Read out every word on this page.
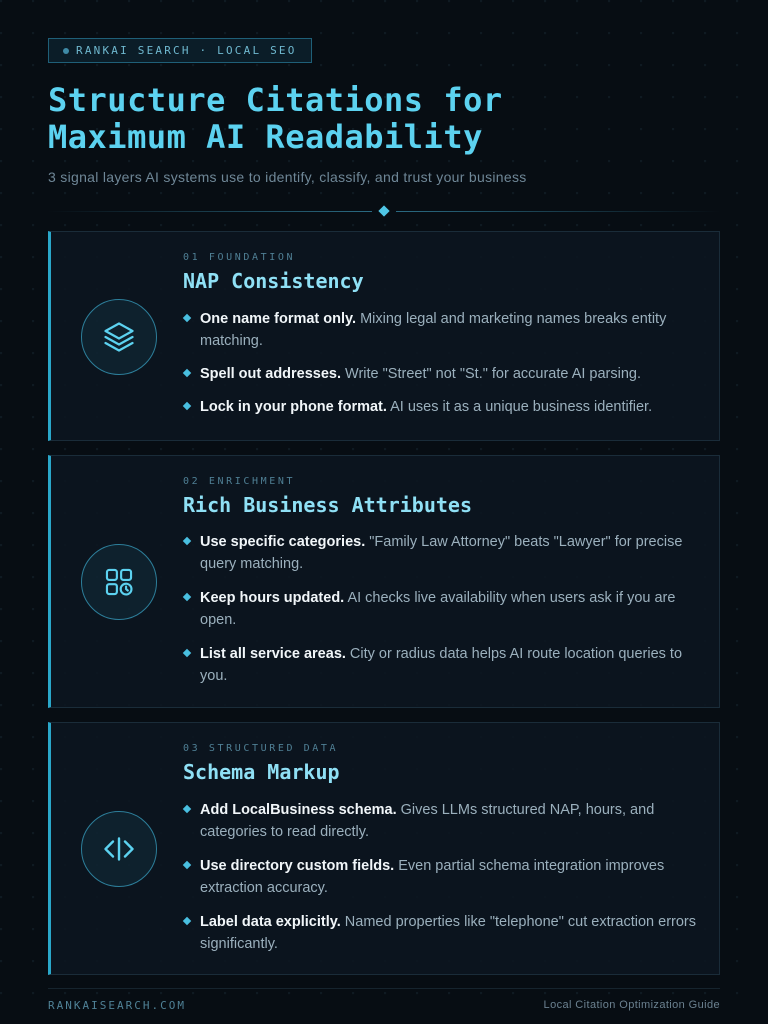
RANKAI SEARCH · LOCAL SEO
Structure Citations for
Maximum AI Readability
3 signal layers AI systems use to identify, classify, and trust your business
01 FOUNDATION
NAP Consistency
One name format only. Mixing legal and marketing names breaks entity matching.
Spell out addresses. Write "Street" not "St." for accurate AI parsing.
Lock in your phone format. AI uses it as a unique business identifier.
02 ENRICHMENT
Rich Business Attributes
Use specific categories. "Family Law Attorney" beats "Lawyer" for precise query matching.
Keep hours updated. AI checks live availability when users ask if you are open.
List all service areas. City or radius data helps AI route location queries to you.
03 STRUCTURED DATA
Schema Markup
Add LocalBusiness schema. Gives LLMs structured NAP, hours, and categories to read directly.
Use directory custom fields. Even partial schema integration improves extraction accuracy.
Label data explicitly. Named properties like "telephone" cut extraction errors significantly.
RANKAISEARCH.COM	Local Citation Optimization Guide
